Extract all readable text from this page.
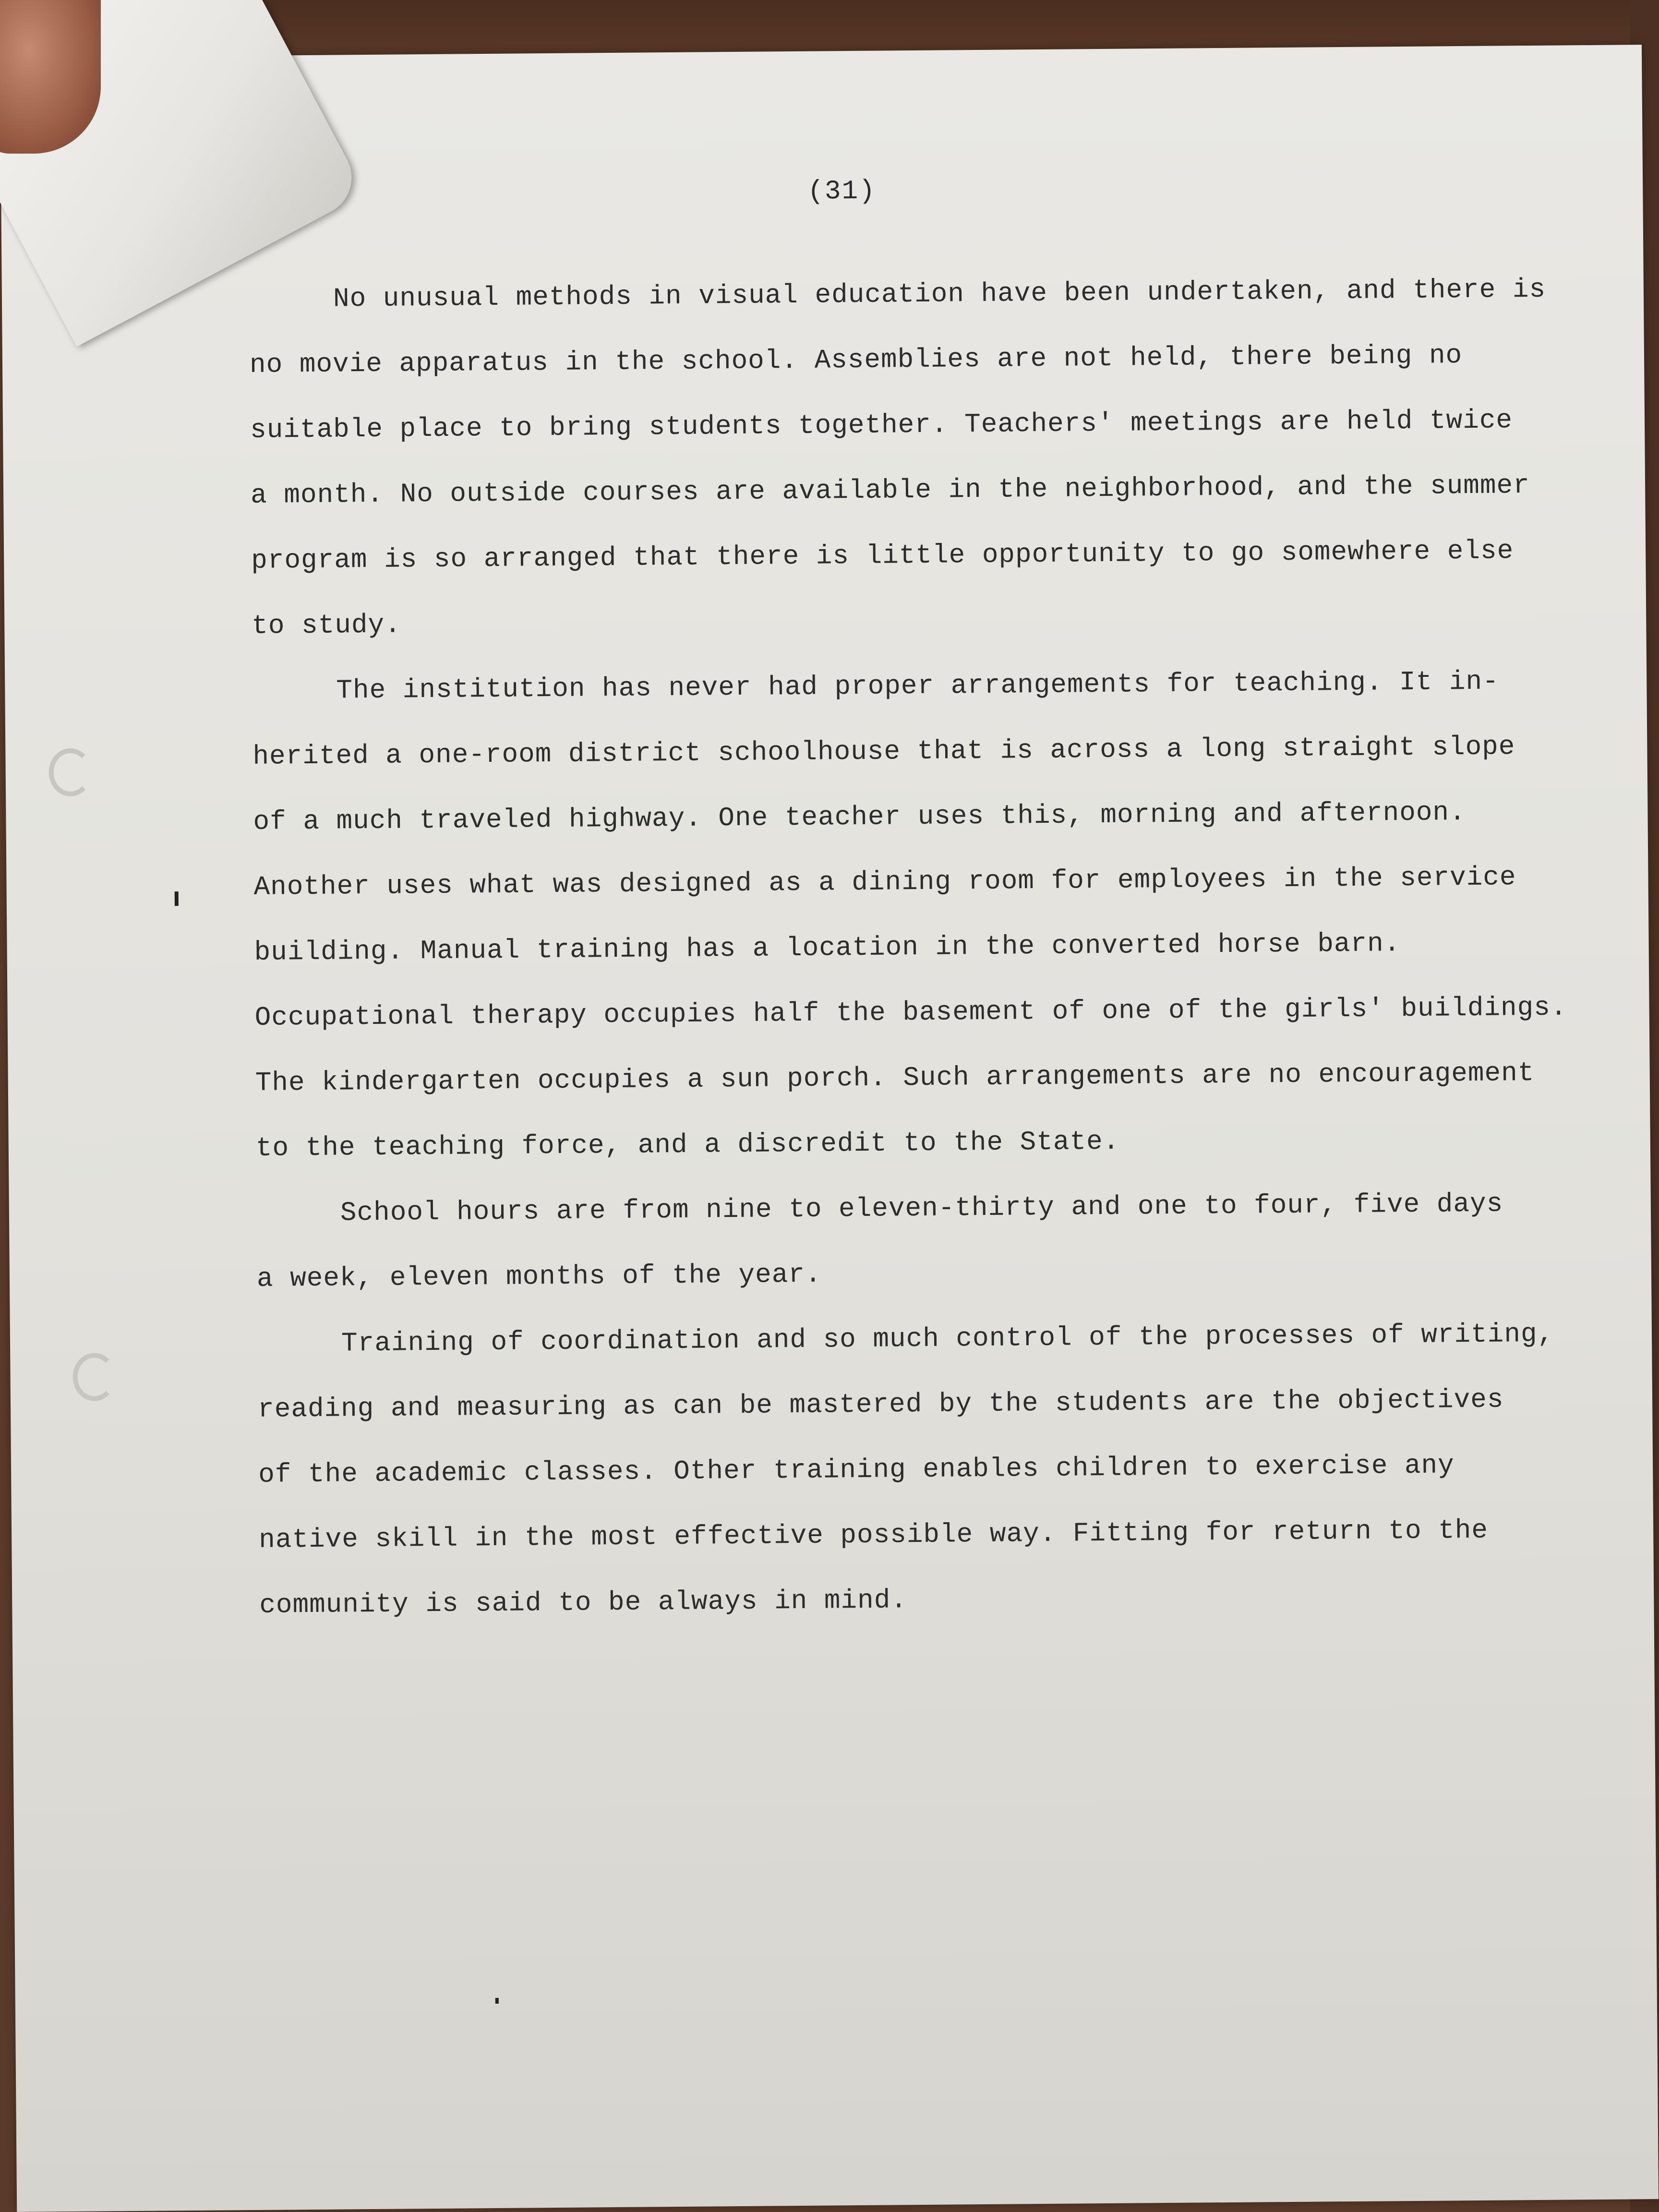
(31)
No unusual methods in visual education have been undertaken, and there is
no movie apparatus in the school. Assemblies are not held, there being no
suitable place to bring students together. Teachers' meetings are held twice
a month. No outside courses are available in the neighborhood, and the summer
program is so arranged that there is little opportunity to go somewhere else
to study.
The institution has never had proper arrangements for teaching. It in-
herited a one-room district schoolhouse that is across a long straight slope
of a much traveled highway. One teacher uses this, morning and afternoon.
Another uses what was designed as a dining room for employees in the service
building. Manual training has a location in the converted horse barn.
Occupational therapy occupies half the basement of one of the girls' buildings.
The kindergarten occupies a sun porch. Such arrangements are no encouragement
to the teaching force, and a discredit to the State.
School hours are from nine to eleven-thirty and one to four, five days
a week, eleven months of the year.
Training of coordination and so much control of the processes of writing,
reading and measuring as can be mastered by the students are the objectives
of the academic classes. Other training enables children to exercise any
native skill in the most effective possible way. Fitting for return to the
community is said to be always in mind.
